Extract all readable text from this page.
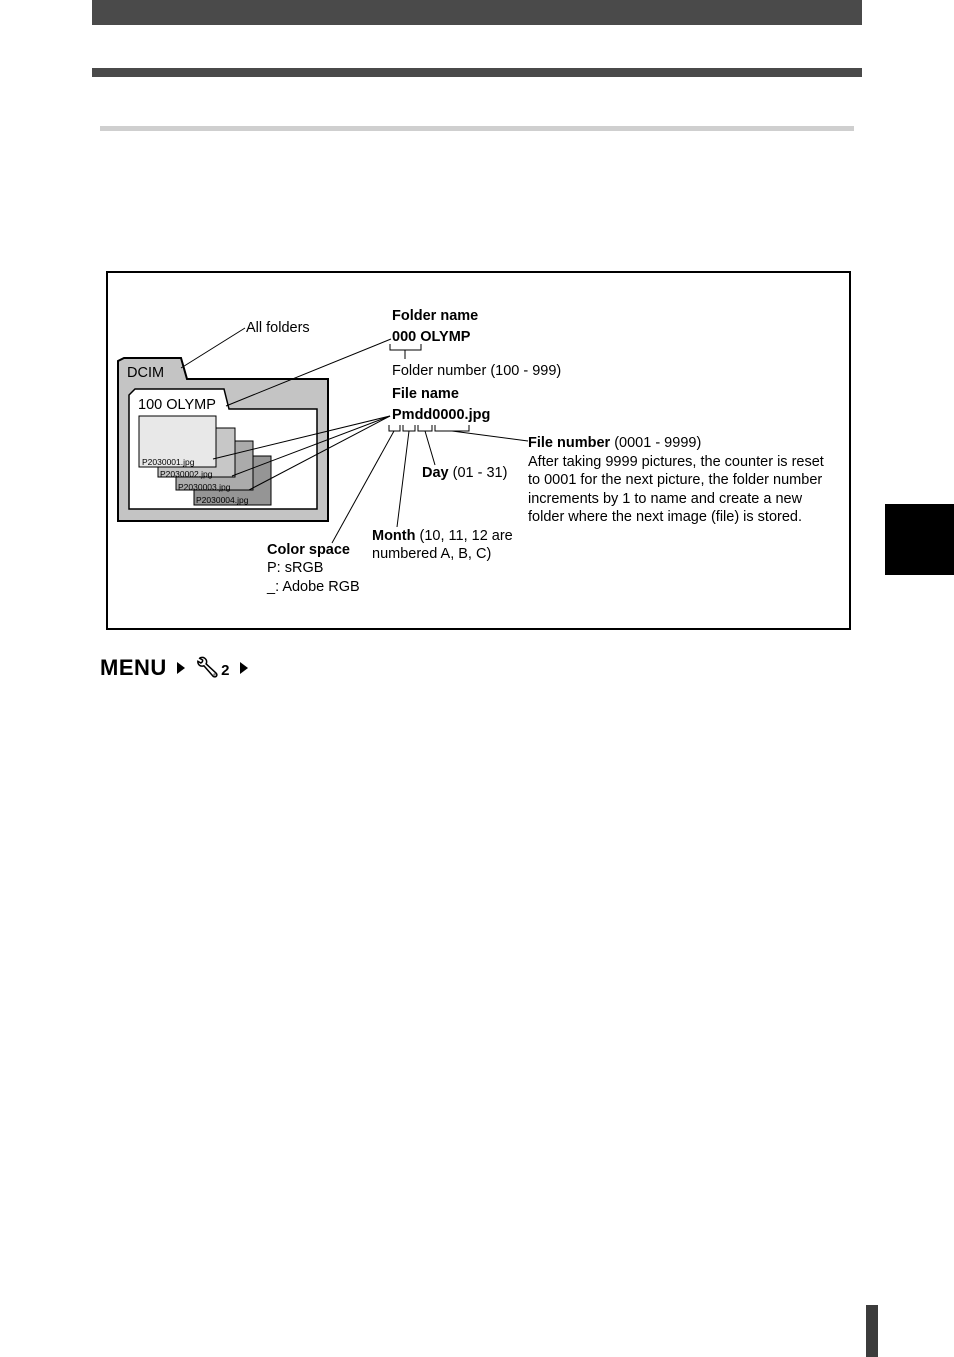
All folders
DCIM
100 OLYMP
P2030001.jpg
P2030002.jpg
P2030003.jpg
P2030004.jpg
Folder name
000 OLYMP
Folder number (100 - 999)
File name
Pmdd0000.jpg
File number (0001 - 9999)
After taking 9999 pictures, the counter is reset
to 0001 for the next picture, the folder number
increments by 1 to name and create a new
folder where the next image (file) is stored.
Day (01 - 31)
Month (10, 11, 12 are
numbered A, B, C)
Color space
P: sRGB
_: Adobe RGB
MENU 🔧︎ 2
